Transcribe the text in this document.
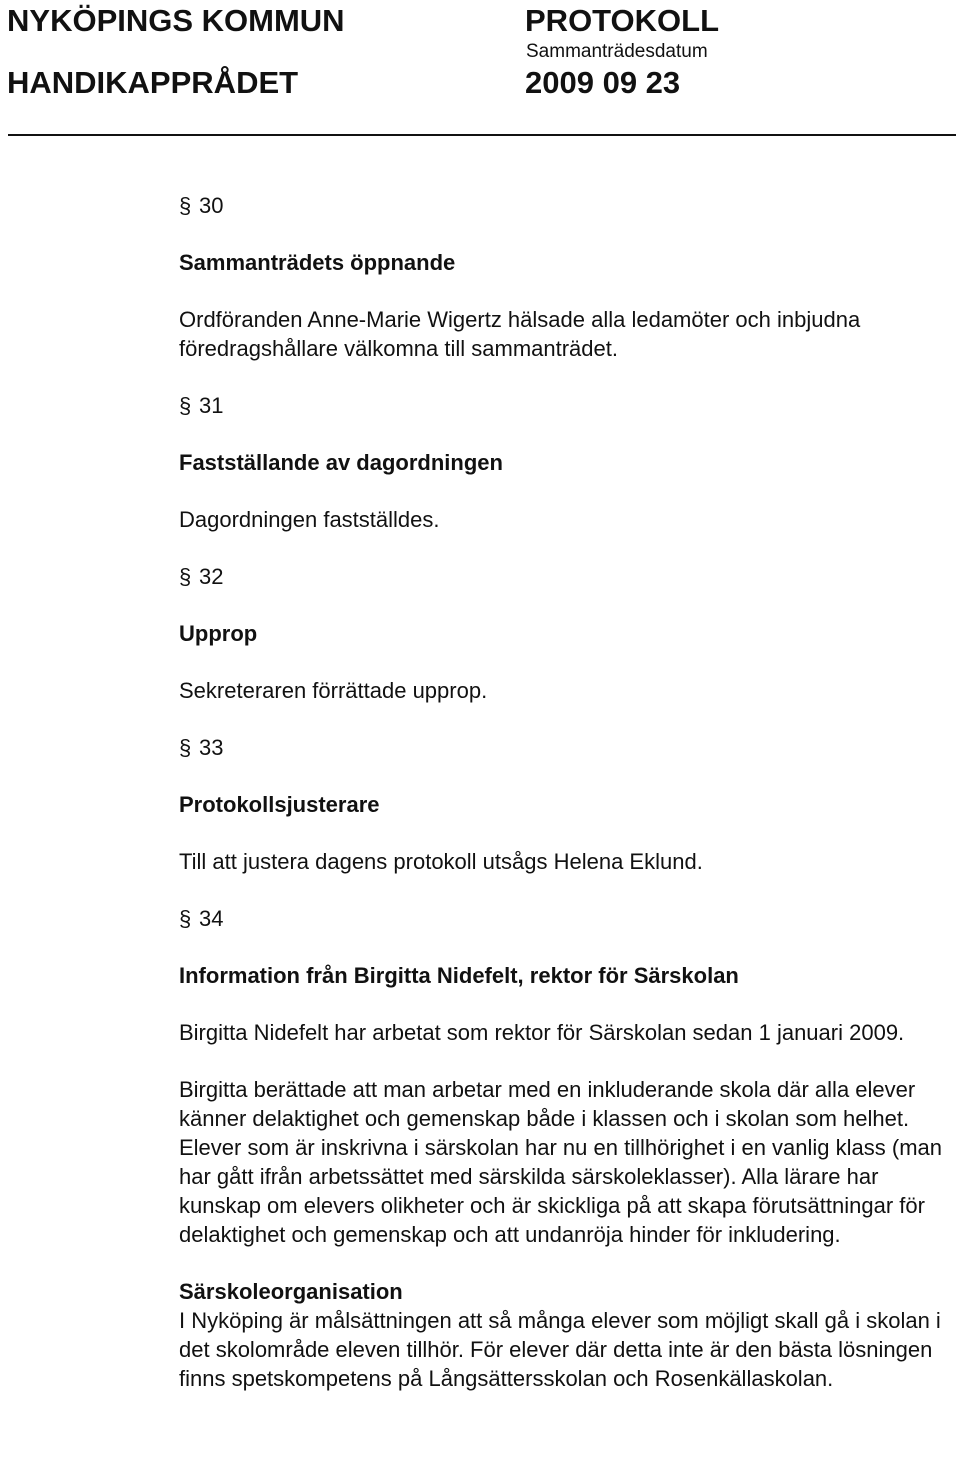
NYKÖPINGS KOMMUN
HANDIKAPPRÅDET
PROTOKOLL
Sammanträdesdatum
2009 09 23

§ 30

Sammanträdets öppnande

Ordföranden Anne-Marie Wigertz hälsade alla ledamöter och inbjudna föredragshållare välkomna till sammanträdet.

§ 31

Fastställande av dagordningen

Dagordningen fastställdes.

§ 32

Upprop

Sekreteraren förrättade upprop.

§ 33

Protokollsjusterare

Till att justera dagens protokoll utsågs Helena Eklund.

§ 34

Information från Birgitta Nidefelt, rektor för Särskolan

Birgitta Nidefelt har arbetat som rektor för Särskolan sedan 1 januari 2009.

Birgitta berättade att man arbetar med en inkluderande skola där alla elever känner delaktighet och gemenskap både i klassen och i skolan som helhet. Elever som är inskrivna i särskolan har nu en tillhörighet i en vanlig klass (man har gått ifrån arbetssättet med särskilda särskoleklasser). Alla lärare har kunskap om elevers olikheter och är skickliga på att skapa förutsättningar för delaktighet och gemenskap och att undanröja hinder för inkludering.

Särskoleorganisation

I Nyköping är målsättningen att så många elever som möjligt skall gå i skolan i det skolområde eleven tillhör. För elever där detta inte är den bästa lösningen finns spetskompetens på Långsättersskolan och Rosenkällaskolan.
